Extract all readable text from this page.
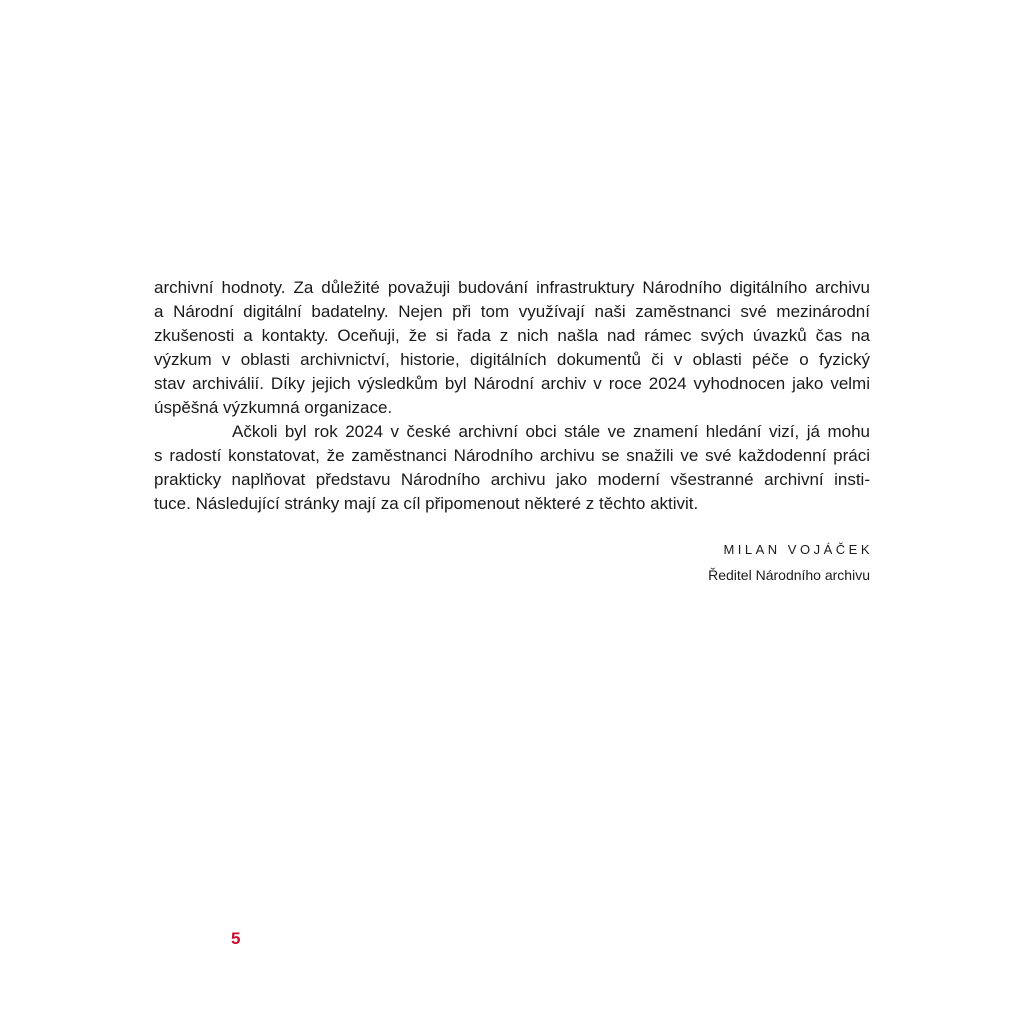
archivní hodnoty. Za důležité považuji budování infrastruktury Národního digitálního archivu
a Národní digitální badatelny. Nejen při tom využívají naši zaměstnanci své mezinárodní
zkušenosti a kontakty. Oceňuji, že si řada z nich našla nad rámec svých úvazků čas na
výzkum v oblasti archivnictví, historie, digitálních dokumentů či v oblasti péče o fyzický
stav archiválií. Díky jejich výsledkům byl Národní archiv v roce 2024 vyhodnocen jako velmi
úspěšná výzkumná organizace.
Ačkoli byl rok 2024 v české archivní obci stále ve znamení hledání vizí, já mohu
s radostí konstatovat, že zaměstnanci Národního archivu se snažili ve své každodenní práci
prakticky naplňovat představu Národního archivu jako moderní všestranné archivní insti-
tuce. Následující stránky mají za cíl připomenout některé z těchto aktivit.
MILAN VOJÁČEK
Ředitel Národního archivu
5
